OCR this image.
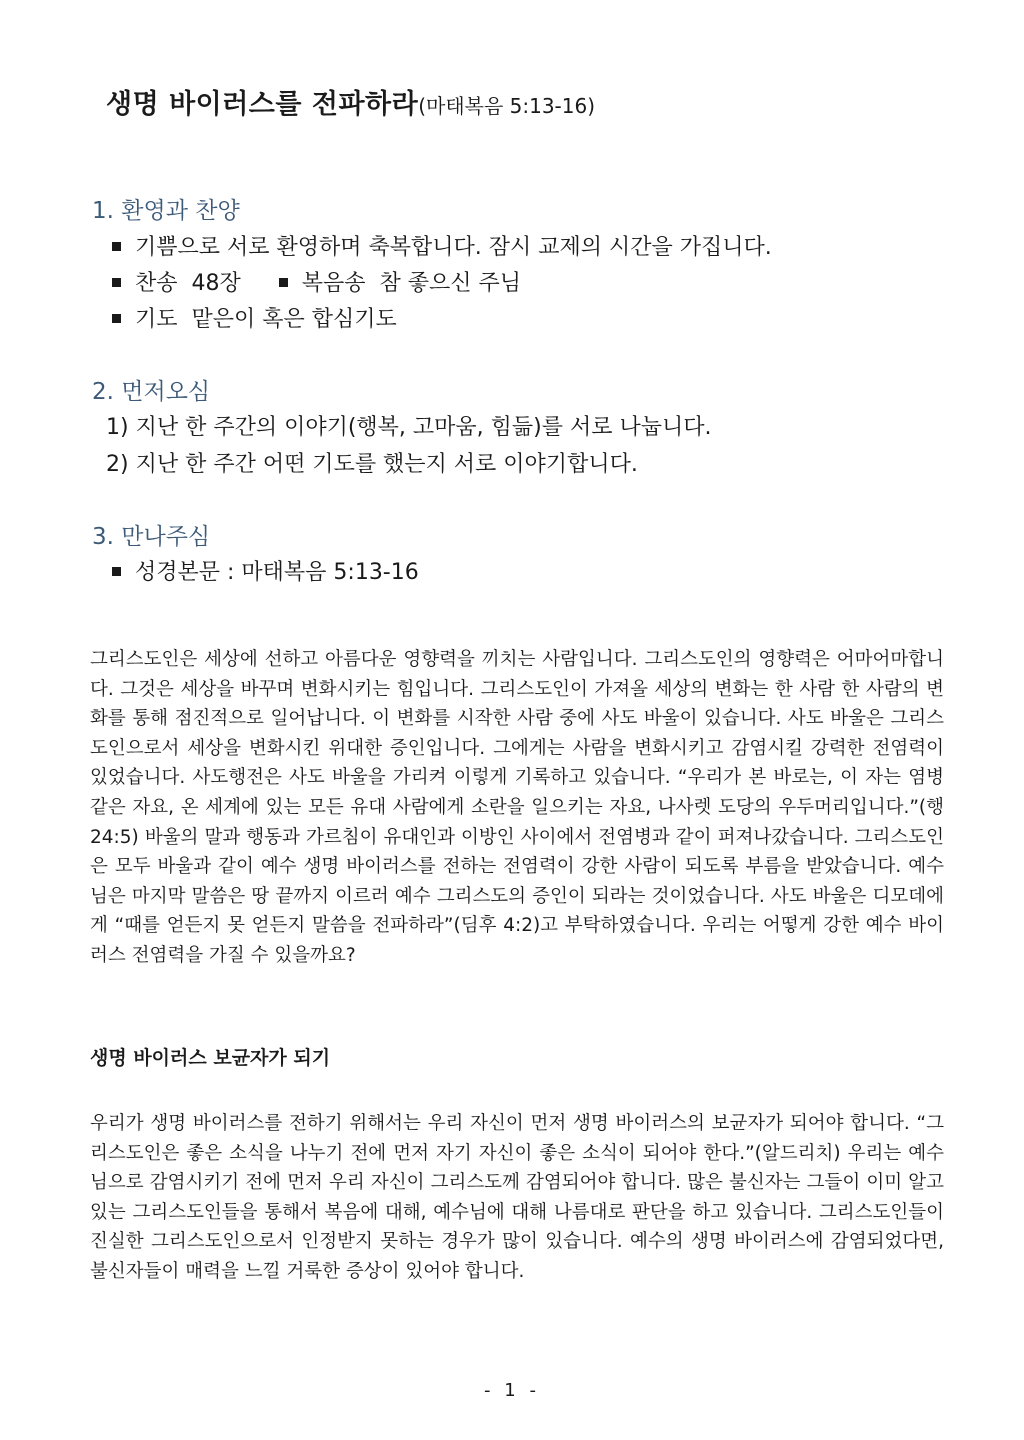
생명 바이러스를 전파하라(마태복음 5:13-16)
1. 환영과 찬양
기쁨으로 서로 환영하며 축복합니다. 잠시 교제의 시간을 가집니다.
찬송  48장	복음송  참 좋으신 주님
기도  맡은이 혹은 합심기도
2. 먼저오심
1) 지난 한 주간의 이야기(행복, 고마움, 힘듦)를 서로 나눕니다.
2) 지난 한 주간 어떤 기도를 했는지 서로 이야기합니다.
3. 만나주심
성경본문 : 마태복음 5:13-16
그리스도인은 세상에 선하고 아름다운 영향력을 끼치는 사람입니다. 그리스도인의 영향력은 어마어마합니다. 그것은 세상을 바꾸며 변화시키는 힘입니다. 그리스도인이 가져올 세상의 변화는 한 사람 한 사람의 변화를 통해 점진적으로 일어납니다. 이 변화를 시작한 사람 중에 사도 바울이 있습니다. 사도 바울은 그리스도인으로서 세상을 변화시킨 위대한 증인입니다. 그에게는 사람을 변화시키고 감염시킬 강력한 전염력이 있었습니다. 사도행전은 사도 바울을 가리켜 이렇게 기록하고 있습니다. “우리가 본 바로는, 이 자는 염병 같은 자요, 온 세계에 있는 모든 유대 사람에게 소란을 일으키는 자요, 나사렛 도당의 우두머리입니다.”(행 24:5) 바울의 말과 행동과 가르침이 유대인과 이방인 사이에서 전염병과 같이 퍼져나갔습니다. 그리스도인은 모두 바울과 같이 예수 생명 바이러스를 전하는 전염력이 강한 사람이 되도록 부름을 받았습니다. 예수님은 마지막 말씀은 땅 끝까지 이르러 예수 그리스도의 증인이 되라는 것이었습니다. 사도 바울은 디모데에게 “때를 얻든지 못 얻든지 말씀을 전파하라”(딤후 4:2)고 부탁하였습니다. 우리는 어떻게 강한 예수 바이러스 전염력을 가질 수 있을까요?
생명 바이러스 보균자가 되기
우리가 생명 바이러스를 전하기 위해서는 우리 자신이 먼저 생명 바이러스의 보균자가 되어야 합니다. “그리스도인은 좋은 소식을 나누기 전에 먼저 자기 자신이 좋은 소식이 되어야 한다.”(알드리치) 우리는 예수님으로 감염시키기 전에 먼저 우리 자신이 그리스도께 감염되어야 합니다. 많은 불신자는 그들이 이미 알고 있는 그리스도인들을 통해서 복음에 대해, 예수님에 대해 나름대로 판단을 하고 있습니다. 그리스도인들이 진실한 그리스도인으로서 인정받지 못하는 경우가 많이 있습니다. 예수의 생명 바이러스에 감염되었다면, 불신자들이 매력을 느낄 거룩한 증상이 있어야 합니다.
- 1 -
